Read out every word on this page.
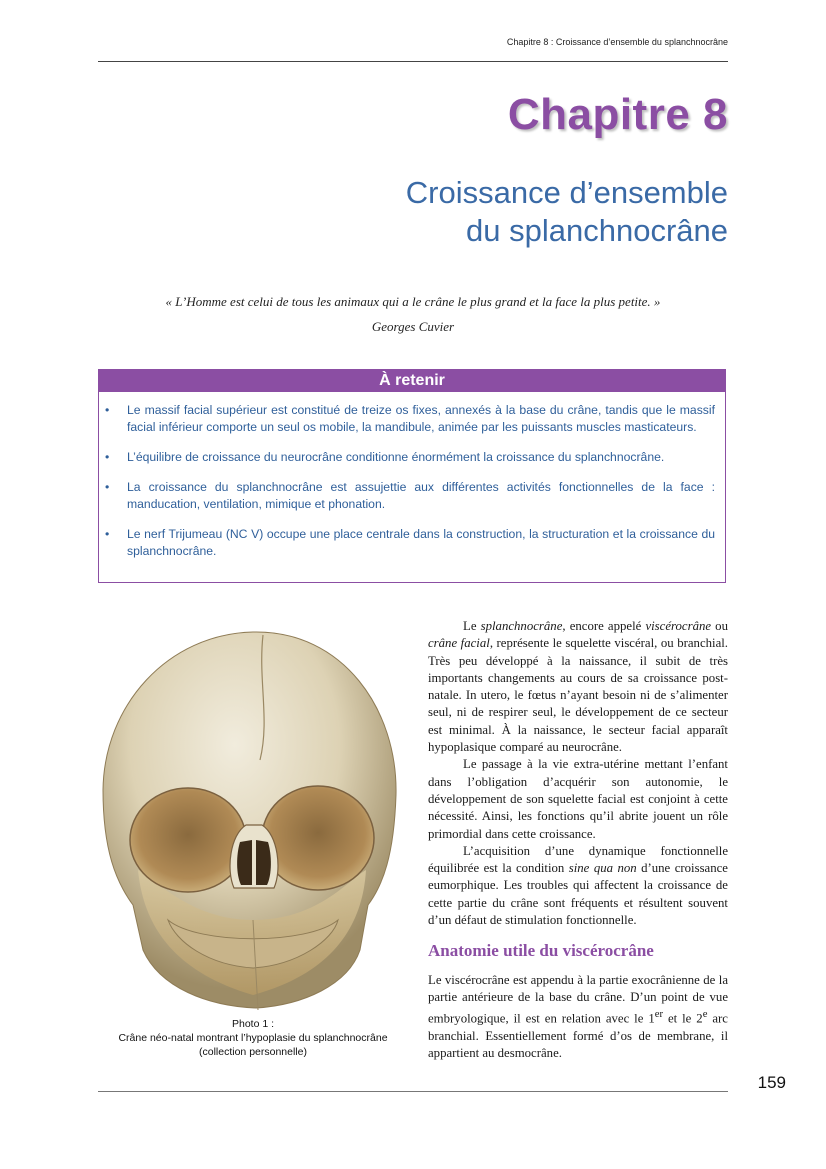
Chapitre 8 : Croissance d’ensemble du splanchnocrâne
Chapitre 8
Croissance d’ensemble
du splanchnocrâne
« L’Homme est celui de tous les animaux qui a le crâne le plus grand et la face la plus petite. »
Georges Cuvier
À retenir
• Le massif facial supérieur est constitué de treize os fixes, annexés à la base du crâne, tandis que le massif facial inférieur comporte un seul os mobile, la mandibule, animée par les puissants muscles masticateurs.
• L’équilibre de croissance du neurocrâne conditionne énormément la croissance du splanchnocrâne.
• La croissance du splanchnocrâne est assujettie aux différentes activités fonctionnelles de la face : manducation, ventilation, mimique et phonation.
• Le nerf Trijumeau (NC V) occupe une place centrale dans la construction, la structuration et la croissance du splanchnocrâne.
Photo 1 :
Crâne néo-natal montrant l’hypoplasie du splanchnocrâne
(collection personnelle)

Le splanchnocrâne, encore appelé viscérocrâne ou crâne facial, représente le squelette viscéral, ou branchial. Très peu développé à la naissance, il subit de très importants changements au cours de sa croissance post-natale. In utero, le fœtus n’ayant besoin ni de s’alimenter seul, ni de respirer seul, le développement de ce secteur est minimal. À la naissance, le secteur facial apparaît hypoplasique comparé au neurocrâne.

Le passage à la vie extra-utérine mettant l’enfant dans l’obligation d’acquérir son autonomie, le développement de son squelette facial est conjoint à cette nécessité. Ainsi, les fonctions qu’il abrite jouent un rôle primordial dans cette croissance.

L’acquisition d’une dynamique fonctionnelle équilibrée est la condition sine qua non d’une croissance eumorphique. Les troubles qui affectent la croissance de cette partie du crâne sont fréquents et résultent souvent d’un défaut de stimulation fonctionnelle.

Anatomie utile du viscérocrâne

Le viscérocrâne est appendu à la partie exocrânienne de la partie antérieure de la base du crâne. D’un point de vue embryologique, il est en relation avec le 1er et le 2e arc branchial. Essentiellement formé d’os de membrane, il appartient au desmocrâne.

159
